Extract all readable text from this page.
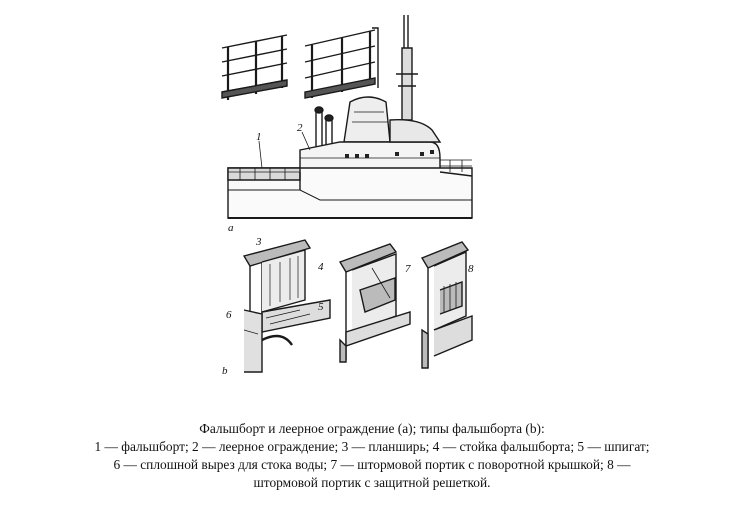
а
b
1
2
3
4
5
6
7	8
Фальшборт и леерное ограждение (а); типы фальшборта (b):
1 — фальшборт; 2 — леерное ограждение; 3 — планширь; 4 — стойка фальшборта; 5 — шпигат;
6 — сплошной вырез для стока воды; 7 — штормовой портик с поворотной крышкой; 8 —
штормовой портик с защитной решеткой.
